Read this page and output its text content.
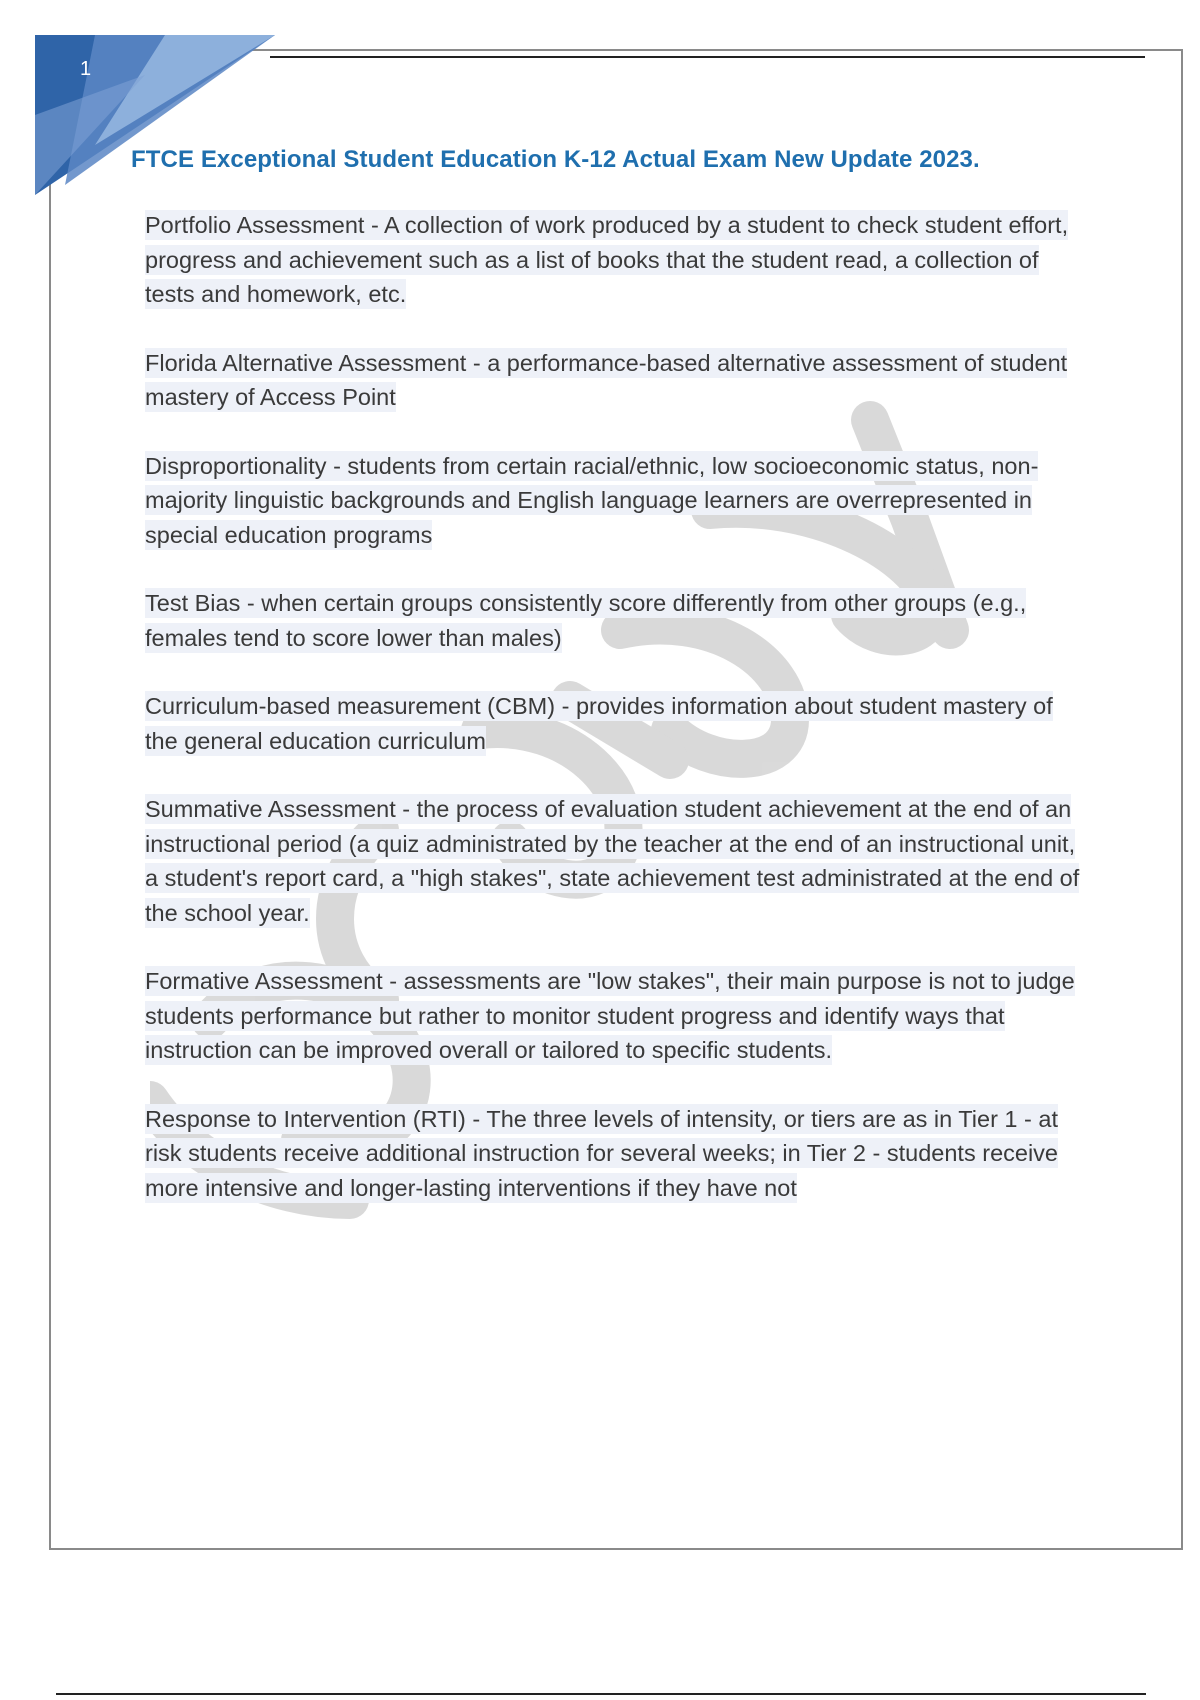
1
FTCE Exceptional Student Education K-12 Actual Exam New Update 2023.

Portfolio Assessment - A collection of work produced by a student to check student effort, progress and achievement such as a list of books that the student read, a collection of tests and homework, etc.

Florida Alternative Assessment - a performance-based alternative assessment of student mastery of Access Point

Disproportionality - students from certain racial/ethnic, low socioeconomic status, non-majority linguistic backgrounds and English language learners are overrepresented in special education programs

Test Bias - when certain groups consistently score differently from other groups (e.g., females tend to score lower than males)

Curriculum-based measurement (CBM) - provides information about student mastery of the general education curriculum

Summative Assessment - the process of evaluation student achievement at the end of an instructional period (a quiz administrated by the teacher at the end of an instructional unit, a student's report card, a "high stakes", state achievement test administrated at the end of the school year.

Formative Assessment - assessments are "low stakes", their main purpose is not to judge students performance but rather to monitor student progress and identify ways that instruction can be improved overall or tailored to specific students.

Response to Intervention (RTI) - The three levels of intensity, or tiers are as in Tier 1 - at risk students receive additional instruction for several weeks; in Tier 2 - students receive more intensive and longer-lasting interventions if they have not
